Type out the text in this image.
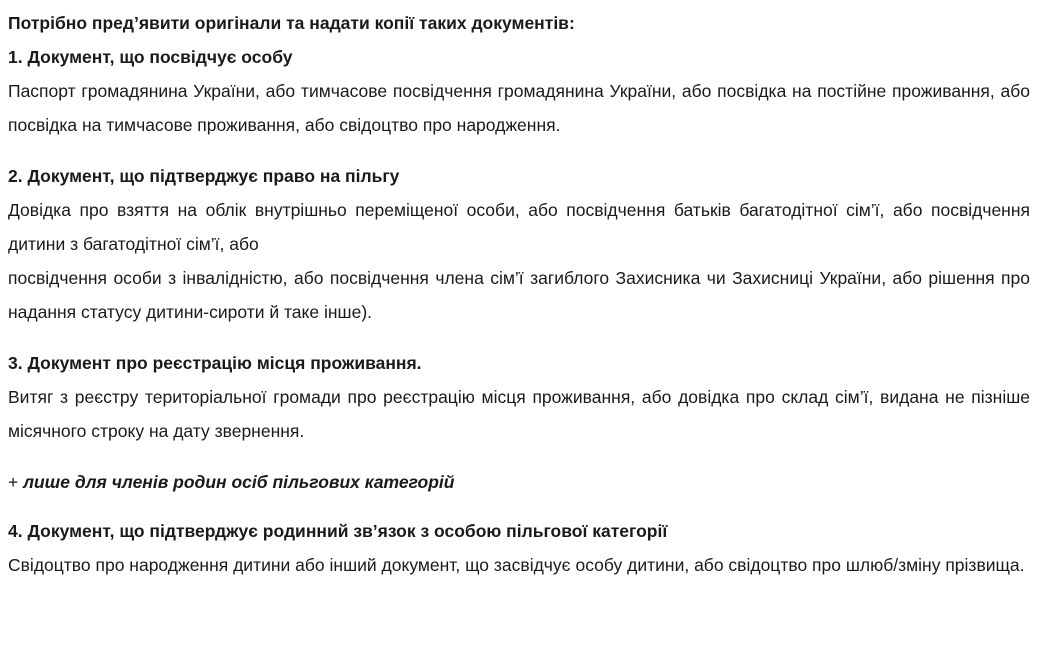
Потрібно пред’явити оригінали та надати копії таких документів:

1. Документ, що посвідчує особу

Паспорт громадянина України, або тимчасове посвідчення громадянина України, або посвідка на постійне проживання, або посвідка на тимчасове проживання, або свідоцтво про народження.

2. Документ, що підтверджує право на пільгу

Довідка про взяття на облік внутрішньо переміщеної особи, або посвідчення батьків багатодітної сім’ї, або посвідчення дитини з багатодітної сім’ї, або

посвідчення особи з інвалідністю, або посвідчення члена сім’ї загиблого Захисника чи Захисниці України, або рішення про надання статусу дитини-сироти й таке інше).

3. Документ про реєстрацію місця проживання.

Витяг з реєстру територіальної громади про реєстрацію місця проживання, або довідка про склад сім’ї, видана не пізніше місячного строку на дату звернення.

+ лише для членів родин осіб пільгових категорій

4. Документ, що підтверджує родинний зв’язок з особою пільгової категорії

Свідоцтво про народження дитини або інший документ, що засвідчує особу дитини, або свідоцтво про шлюб/зміну прізвища.
